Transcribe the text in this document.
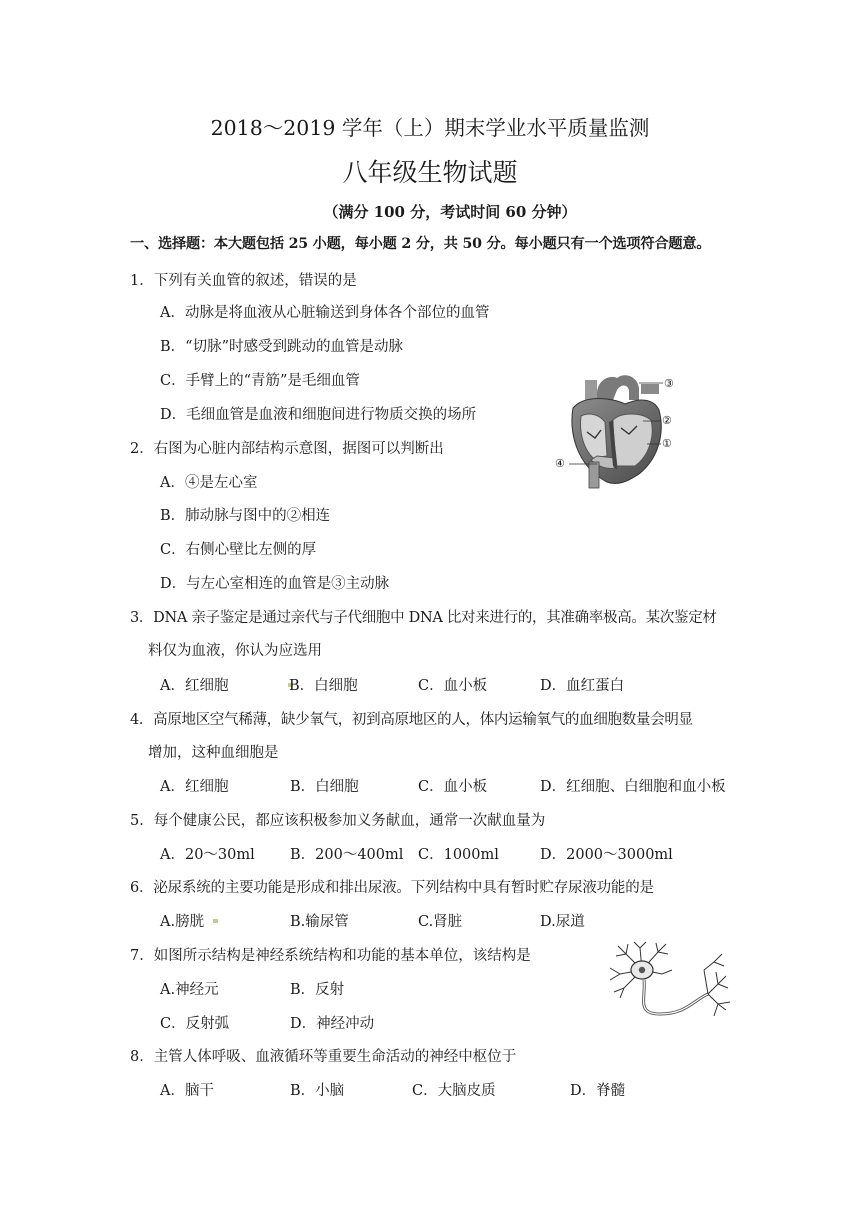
2018～2019 学年（上）期末学业水平质量监测
八年级生物试题
（满分 100 分，考试时间 60 分钟）
一、选择题：本大题包括 25 小题，每小题 2 分，共 50 分。每小题只有一个选项符合题意。
1．下列有关血管的叙述，错误的是
A．动脉是将血液从心脏输送到身体各个部位的血管
B．“切脉”时感受到跳动的血管是动脉
C．手臂上的“青筋”是毛细血管
D．毛细血管是血液和细胞间进行物质交换的场所
2．右图为心脏内部结构示意图，据图可以判断出
A．④是左心室
B．肺动脉与图中的②相连
C．右侧心壁比左侧的厚
D．与左心室相连的血管是③主动脉
③
②
①
④
3．DNA 亲子鉴定是通过亲代与子代细胞中 DNA 比对来进行的，其准确率极高。某次鉴定材
料仅为血液，你认为应选用
A．红细胞	B．白细胞	C．血小板	D．血红蛋白
4．高原地区空气稀薄，缺少氧气，初到高原地区的人，体内运输氧气的血细胞数量会明显
增加，这种血细胞是
A．红细胞	B．白细胞	C．血小板	D．红细胞、白细胞和血小板
5．每个健康公民，都应该积极参加义务献血，通常一次献血量为
A．20～30ml B．200～400ml C．1000ml	D．2000～3000ml
6．泌尿系统的主要功能是形成和排出尿液。下列结构中具有暂时贮存尿液功能的是
A.膀胱	B.输尿管	C.肾脏	D.尿道
7．如图所示结构是神经系统结构和功能的基本单位，该结构是
A.神经元	B．反射
C．反射弧	D．神经冲动
8．主管人体呼吸、血液循环等重要生命活动的神经中枢位于
A．脑干	B．小脑	C．大脑皮质	D．脊髓
